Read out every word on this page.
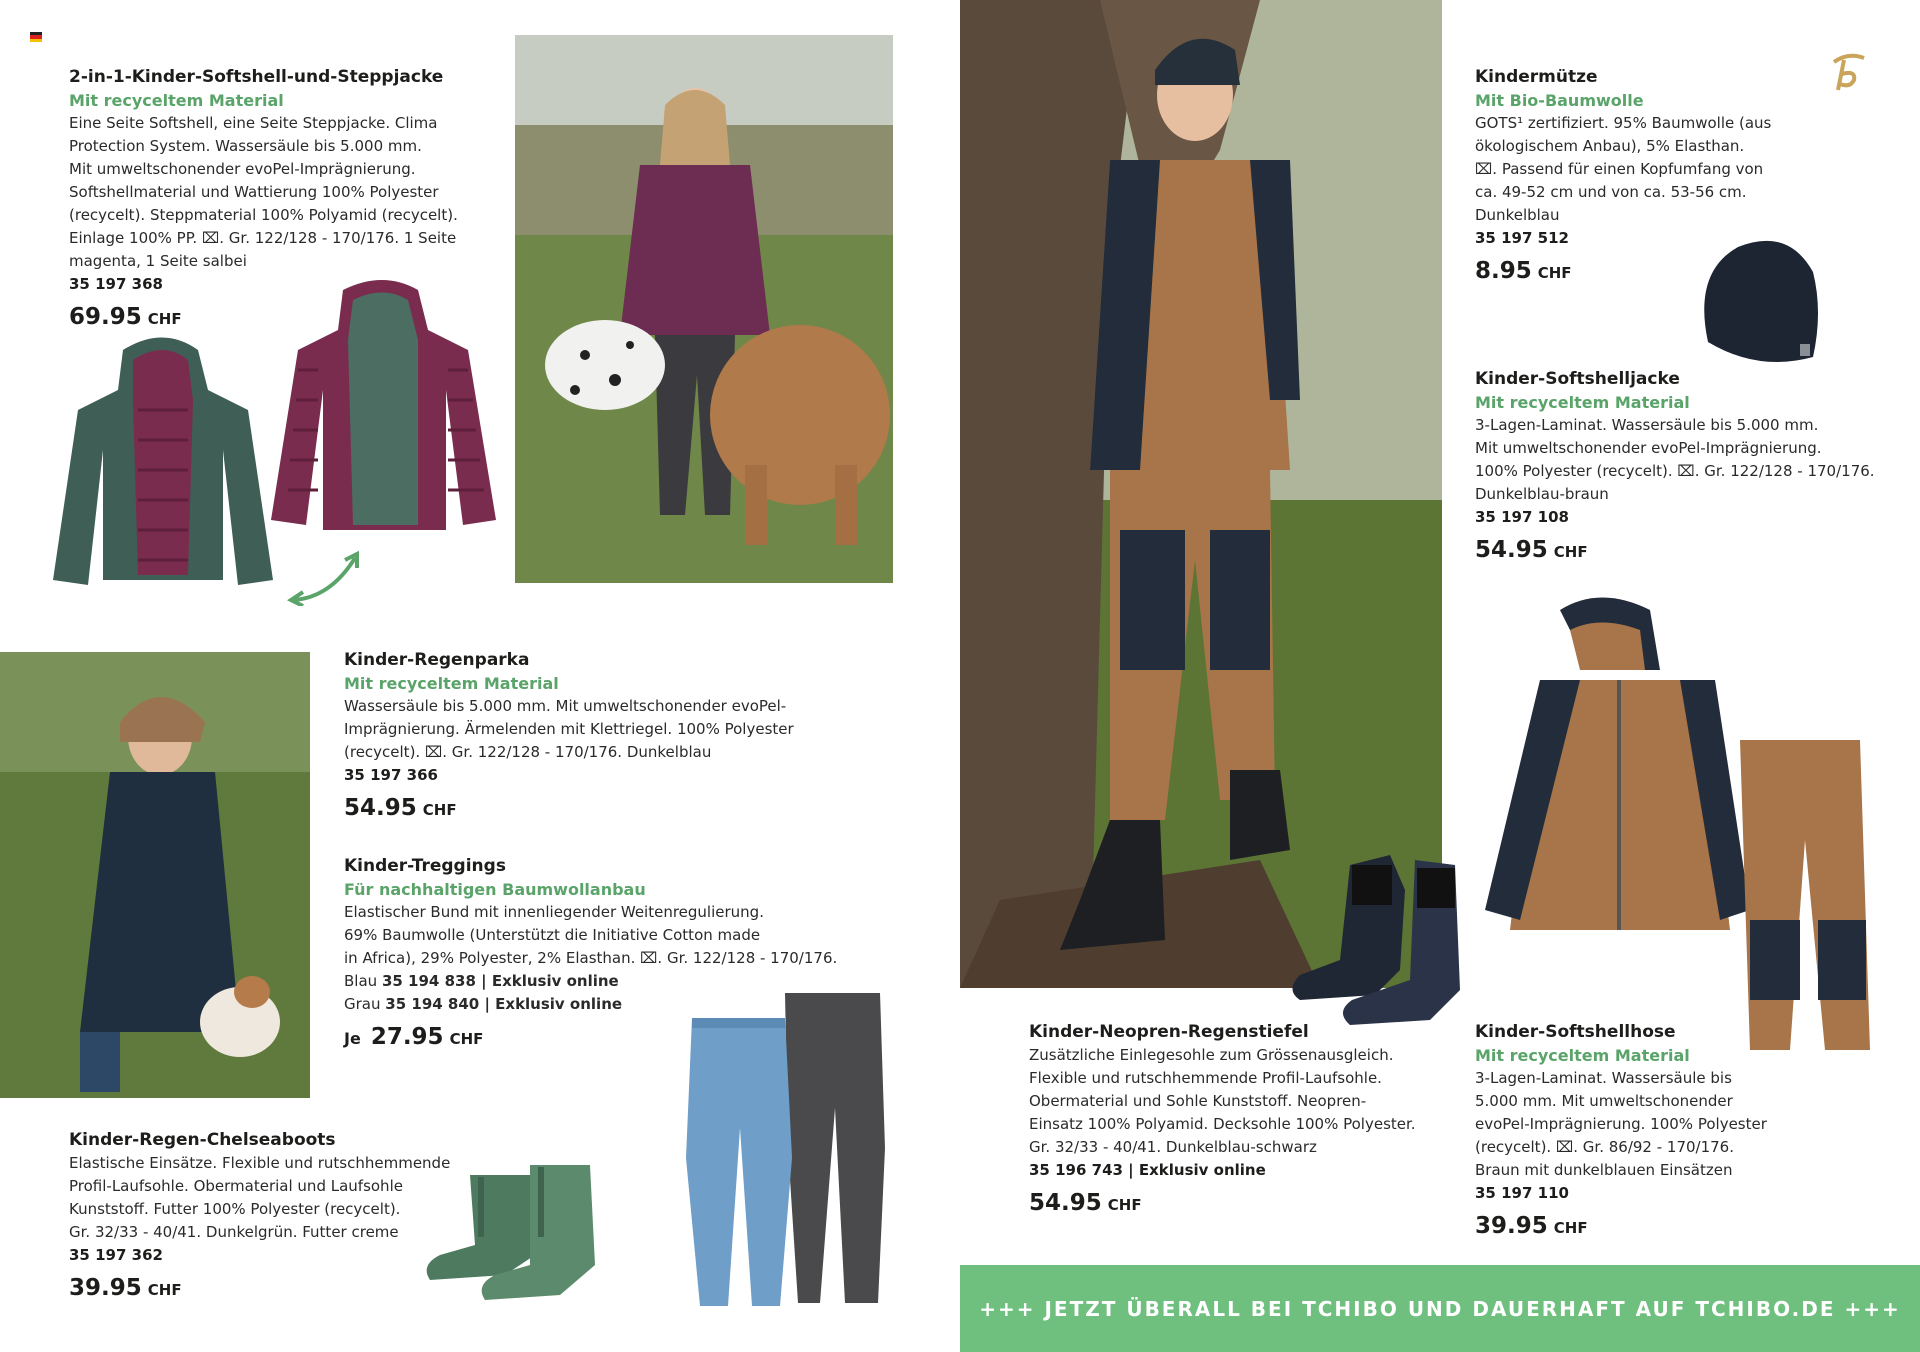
2-in-1-Kinder-Softshell-und-Steppjacke
Mit recyceltem Material
Eine Seite Softshell, eine Seite Steppjacke. Clima
Protection System. Wassersäule bis 5.000 mm.
Mit umweltschonender evoPel-Imprägnierung.
Softshellmaterial und Wattierung 100% Polyester
(recycelt). Steppmaterial 100% Polyamid (recycelt).
Einlage 100% PP. ⌧. Gr. 122/128 - 170/176. 1 Seite
magenta, 1 Seite salbei
35 197 368
69.95 CHF
Kinder-Regenparka
Mit recyceltem Material
Wassersäule bis 5.000 mm. Mit umweltschonender evoPel-
Imprägnierung. Ärmelenden mit Klettriegel. 100% Polyester
(recycelt). ⌧. Gr. 122/128 - 170/176. Dunkelblau
35 197 366
54.95 CHF
Kinder-Treggings
Für nachhaltigen Baumwollanbau
Elastischer Bund mit innenliegender Weitenregulierung.
69% Baumwolle (Unterstützt die Initiative Cotton made
in Africa), 29% Polyester, 2% Elasthan. ⌧. Gr. 122/128 - 170/176.
Blau 35 194 838 | Exklusiv online
Grau 35 194 840 | Exklusiv online
Je 27.95 CHF
Kinder-Regen-Chelseaboots
Elastische Einsätze. Flexible und rutschhemmende
Profil-Laufsohle. Obermaterial und Laufsohle
Kunststoff. Futter 100% Polyester (recycelt).
Gr. 32/33 - 40/41. Dunkelgrün. Futter creme
35 197 362
39.95 CHF
Kinder-Neopren-Regenstiefel
Zusätzliche Einlegesohle zum Grössenausgleich.
Flexible und rutschhemmende Profil-Laufsohle.
Obermaterial und Sohle Kunststoff. Neopren-
Einsatz 100% Polyamid. Decksohle 100% Polyester.
Gr. 32/33 - 40/41. Dunkelblau-schwarz
35 196 743 | Exklusiv online
54.95 CHF
Kindermütze
Mit Bio-Baumwolle
GOTS¹ zertifiziert. 95% Baumwolle (aus
ökologischem Anbau), 5% Elasthan.
⌧. Passend für einen Kopfumfang von
ca. 49-52 cm und von ca. 53-56 cm.
Dunkelblau
35 197 512
8.95 CHF
Kinder-Softshelljacke
Mit recyceltem Material
3-Lagen-Laminat. Wassersäule bis 5.000 mm.
Mit umweltschonender evoPel-Imprägnierung.
100% Polyester (recycelt). ⌧. Gr. 122/128 - 170/176.
Dunkelblau-braun
35 197 108
54.95 CHF
Kinder-Softshellhose
Mit recyceltem Material
3-Lagen-Laminat. Wassersäule bis
5.000 mm. Mit umweltschonender
evoPel-Imprägnierung. 100% Polyester
(recycelt). ⌧. Gr. 86/92 - 170/176.
Braun mit dunkelblauen Einsätzen
35 197 110
39.95 CHF
+++ JETZT ÜBERALL BEI TCHIBO UND DAUERHAFT AUF TCHIBO.DE +++
